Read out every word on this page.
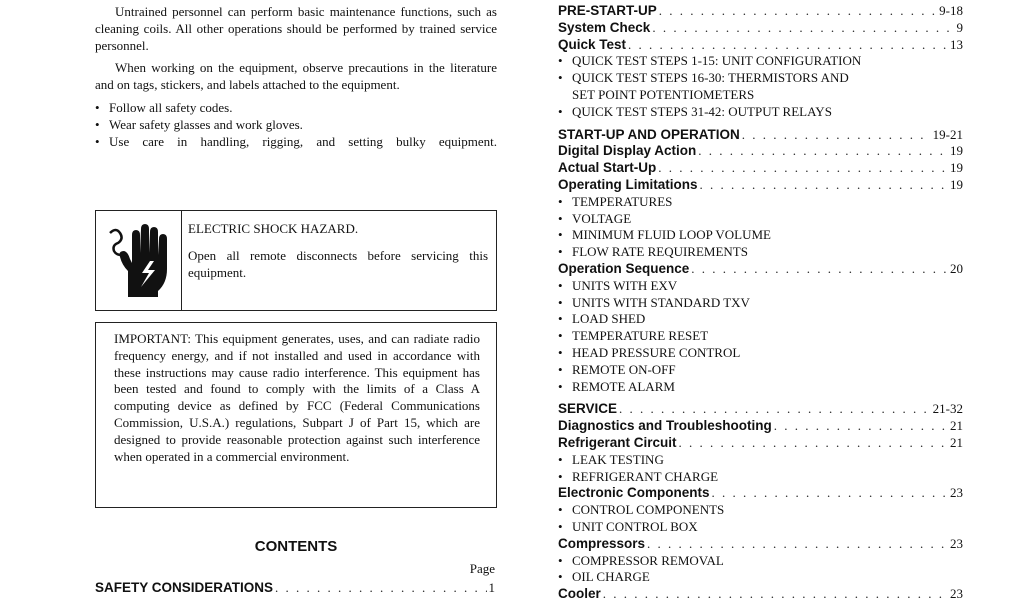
Untrained personnel can perform basic maintenance functions, such as cleaning coils. All other operations should be performed by trained service personnel.

When working on the equipment, observe precautions in the literature and on tags, stickers, and labels attached to the equipment.

• Follow all safety codes.
• Wear safety glasses and work gloves.
• Use care in handling, rigging, and setting bulky equipment.

ELECTRIC SHOCK HAZARD.

Open all remote disconnects before servicing this equipment.

IMPORTANT: This equipment generates, uses, and can radiate radio frequency energy, and if not installed and used in accordance with these instructions may cause radio interference. This equipment has been tested and found to comply with the limits of a Class A computing device as defined by FCC (Federal Communications Commission, U.S.A.) regulations, Subpart J of Part 15, which are designed to provide reasonable protection against such interference when operated in a commercial environment.
CONTENTS
Page
SAFETY CONSIDERATIONS . . .	1
PRE-START-UP . . .	9-18
System Check . . .	9
Quick Test . . .	13
• QUICK TEST STEPS 1-15: UNIT CONFIGURATION
• QUICK TEST STEPS 16-30: THERMISTORS AND
SET POINT POTENTIOMETERS
• QUICK TEST STEPS 31-42: OUTPUT RELAYS
START-UP AND OPERATION . . .	19-21
Digital Display Action . . .	19
Actual Start-Up . . .	19
Operating Limitations . . .	19
• TEMPERATURES
• VOLTAGE
• MINIMUM FLUID LOOP VOLUME
• FLOW RATE REQUIREMENTS
Operation Sequence . . .	20
• UNITS WITH EXV
• UNITS WITH STANDARD TXV
• LOAD SHED
• TEMPERATURE RESET
• HEAD PRESSURE CONTROL
• REMOTE ON-OFF
• REMOTE ALARM
SERVICE . . .	21-32
Diagnostics and Troubleshooting . . .	21
Refrigerant Circuit . . .	21
• LEAK TESTING
• REFRIGERANT CHARGE
Electronic Components . . .	23
• CONTROL COMPONENTS
• UNIT CONTROL BOX
Compressors . . .	23
• COMPRESSOR REMOVAL
• OIL CHARGE
Cooler . . .	23
